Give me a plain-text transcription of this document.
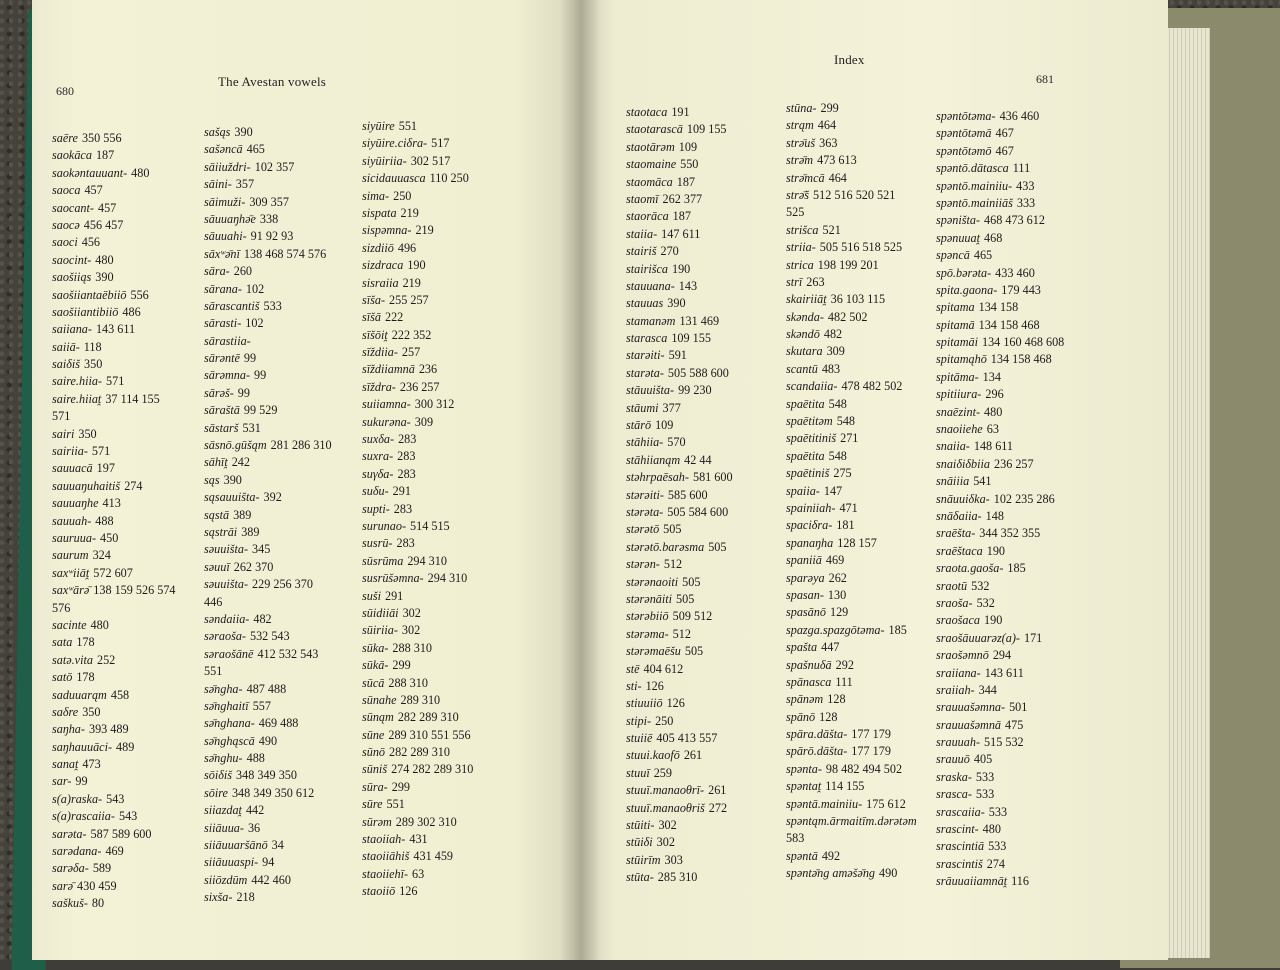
680

The Avestan vowels

saēre 350 556
saokāca 187
saokəntauuant- 480
saoca 457
saocant- 457
saocə 456 457
saoci 456
saocint- 480
saošiiąs 390
saošiiantaēbiiō 556
saošiiantibiiō 486
saiiana- 143 611
saiiā- 118
saiδiš 350
saire.hiia- 571
saire.hiiaṱ 37 114 155
571
sairi 350
sairiia- 571
sauuacā 197
sauuaŋuhaitiš 274
sauuaŋhe 413
sauuah- 488
sauruua- 450
saurum 324
saxʷiiāṱ 572 607
saxʷārə̄ 138 159 526 574
576
sacinte 480
sata 178
satə.vita 252
satō 178
saduuarąm 458
saδre 350
saŋha- 393 489
saŋhauuāci- 489
sanaṱ 473
sar- 99
s(a)raska- 543
s(a)rascaiia- 543
sarəta- 587 589 600
sarədana- 469
sarəδa- 589
sarə̄ 430 459
saškuš- 80
sašąs 390
sašəncā 465
sāiiuždri- 102 357
sāini- 357
sāimuži- 309 357
sāuuaŋhə̄e 338
sāuuahi- 91 92 93
sāxʷə̄nī 138 468 574 576
sāra- 260
sārana- 102
sārascantiš 533
sārasti- 102
sārastiia-
sārəntē 99
sārəmna- 99
sārəš- 99
sāraštā 99 529
sāstarš 531
sāsnō.gūšąm 281 286 310
sāhīṱ 242
sąs 390
sąsauuišta- 392
sąstā 389
sąstrāi 389
səuuišta- 345
səuuī 262 370
səuuišta- 229 256 370
446
səndaiia- 482
səraoša- 532 543
səraošānē 412 532 543
551
sə̄ngha- 487 488
sə̄nghaitī 557
sə̄nghana- 469 488
sə̄nghąscā 490
sə̄nghu- 488
sōiδiš 348 349 350
sōire 348 349 350 612
siiazdaṱ 442
siiāuua- 36
siiāuuaršānō 34
siiāuuaspi- 94
siiōzdūm 442 460
sixša- 218
siyūire 551
siyūire.ciδra- 517
siyūiriia- 302 517
sicidauuasca 110 250
sima- 250
sispata 219
sispəmna- 219
sizdiiō 496
sizdraca 190
sisraiia 219
sīša- 255 257
sīšā 222
sīšōiṱ 222 352
sīždiia- 257
sīždiiamnā 236
sīždra- 236 257
suiiamna- 300 312
sukurəna- 309
suxδa- 283
suxra- 283
suγδa- 283
suδu- 291
supti- 283
surunao- 514 515
susrū- 283
sūsrūma 294 310
susrūšəmna- 294 310
suši 291
sūidiiāi 302
sūiriia- 302
sūka- 288 310
sūkā- 299
sūcā 288 310
sūnahe 289 310
sūnąm 282 289 310
sūne 289 310 551 556
sūnō 282 289 310
sūniš 274 282 289 310
sūra- 299
sūre 551
sūrəm 289 302 310
staoiiah- 431
staoiiāhiš 431 459
staoiiehī- 63
staoiiō 126

Index

681

staotaca 191
staotarascā 109 155
staotārəm 109
staomaine 550
staomāca 187
staomī 262 377
staorāca 187
staiia- 147 611
stairiš 270
stairišca 190
stauuana- 143
stauuas 390
stamanəm 131 469
starasca 109 155
starəiti- 591
starəta- 505 588 600
stāuuišta- 99 230
stāumi 377
stārō 109
stāhiia- 570
stāhiianąm 42 44
stəhrpaēsah- 581 600
stərəiti- 585 600
stərəta- 505 584 600
stərətō 505
stərətō.barəsma 505
stərən- 512
stərənaoiti 505
stərənāiti 505
stərəbiiō 509 512
stərəma- 512
stərəmaēšu 505
stē 404 612
sti- 126
stiuuiiō 126
stipi- 250
stuiiē 405 413 557
stuui.kaofō 261
stuuī 259
stuuī.manaoθrī- 261
stuuī.manaoθriš 272
stūiti- 302
stūiδi 302
stūirīm 303
stūta- 285 310
stūna- 299
strąm 464
strə̄uš 363
strə̄m 473 613
strə̄mcā 464
strə̄š 512 516 520 521
525
strišca 521
striia- 505 516 518 525
strica 198 199 201
strī 263
skairiiāṱ 36 103 115
skənda- 482 502
skəndō 482
skutara 309
scantū 483
scandaiia- 478 482 502
spaētita 548
spaētitəm 548
spaētitiniš 271
spaētita 548
spaētiniš 275
spaiia- 147
spainiiah- 471
spaciδra- 181
spanaŋha 128 157
spaniiā 469
sparəya 262
spasan- 130
spasānō 129
spazga.spazgōtəma- 185
spašta 447
spašnuδā 292
spānasca 111
spānəm 128
spānō 128
spāra.dāšta- 177 179
spārō.dāšta- 177 179
spənta- 98 482 494 502
spəntaṱ 114 155
spəntā.mainiiu- 175 612
spəntąm.ārmaitīm.dərətəm
583
spəntā 492
spəntə̄ng aməšə̄ng 490
spəntōtəma- 436 460
spəntōtəmā 467
spəntōtəmō 467
spəntō.dātasca 111
spəntō.mainiiu- 433
spəntō.mainiiāš 333
spəništa- 468 473 612
spənuuaṱ 468
spəncā 465
spō.bərəta- 433 460
spita.gaona- 179 443
spitama 134 158
spitamā 134 158 468
spitamāi 134 160 468 608
spitamąhō 134 158 468
spitāma- 134
spitiiura- 296
snaēzint- 480
snaoiiehe 63
snaiia- 148 611
snaiδiδbiia 236 257
snāiiia 541
snāuuiδka- 102 235 286
snāδaiia- 148
sraēšta- 344 352 355
sraēštaca 190
sraota.gaoša- 185
sraotū 532
sraoša- 532
sraošaca 190
sraošāuuarəz(a)- 171
sraošəmnō 294
sraiiana- 143 611
sraiiah- 344
srauuašəmna- 501
srauuašəmnā 475
srauuah- 515 532
srauuō 405
sraska- 533
srasca- 533
srascaiia- 533
srascint- 480
srascintiā 533
srascintiš 274
srāuuaiiamnāṱ 116
